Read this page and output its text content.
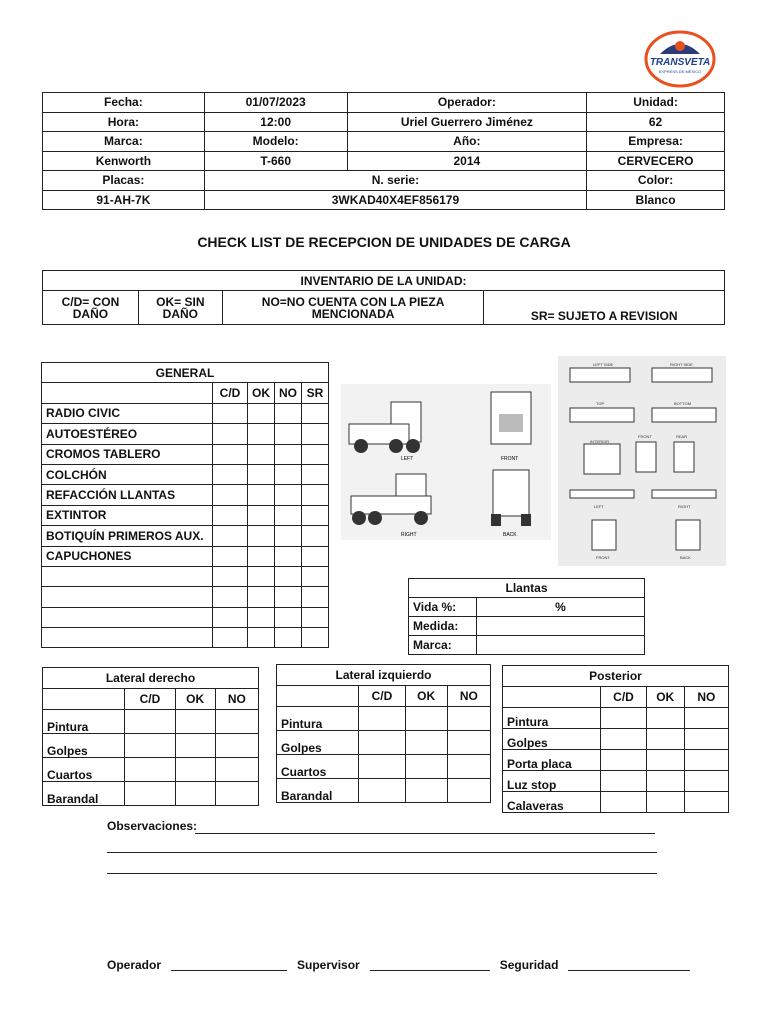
TRANSVETA
EXPRESS DE MÉXICO
Fecha:	01/07/2023	Operador:	Unidad:
Hora:	12:00	Uriel Guerrero Jiménez	62
Marca:	Modelo:	Año:	Empresa:
Kenworth	T-660	2014	CERVECERO
Placas:	N. serie:		Color:
91-AH-7K	3WKAD40X4EF856179		Blanco
CHECK LIST DE RECEPCION DE UNIDADES DE CARGA
INVENTARIO DE LA UNIDAD:
C/D= CON DAÑO	OK= SIN DAÑO	NO=NO CUENTA CON LA PIEZA MENCIONADA	SR= SUJETO A REVISION
GENERAL				
	C/D	OK	NO	SR
RADIO CIVIC				
AUTOESTÉREO				
CROMOS TABLERO				
COLCHÓN				
REFACCIÓN LLANTAS				
EXTINTOR				
BOTIQUÍN PRIMEROS AUX.				
CAPUCHONES				

LEFT	FRONT
RIGHT	BACK
LEFT SIDE	RIGHT SIDE
TOP	BOTTOM
INTERIOR
FRONT	REAR
LEFT	RIGHT
FRONT	BACK
Llantas	
Vida %:	%
Medida:	
Marca:	
Lateral derecho			
	C/D	OK	NO
Pintura			
Golpes			
Cuartos			
Barandal			
Lateral izquierdo			
	C/D	OK	NO
Pintura			
Golpes			
Cuartos			
Barandal			
Posterior			
	C/D	OK	NO
Pintura			
Golpes			
Porta placa			
Luz stop			
Calaveras			
Observaciones:
Operador	Supervisor	Seguridad
